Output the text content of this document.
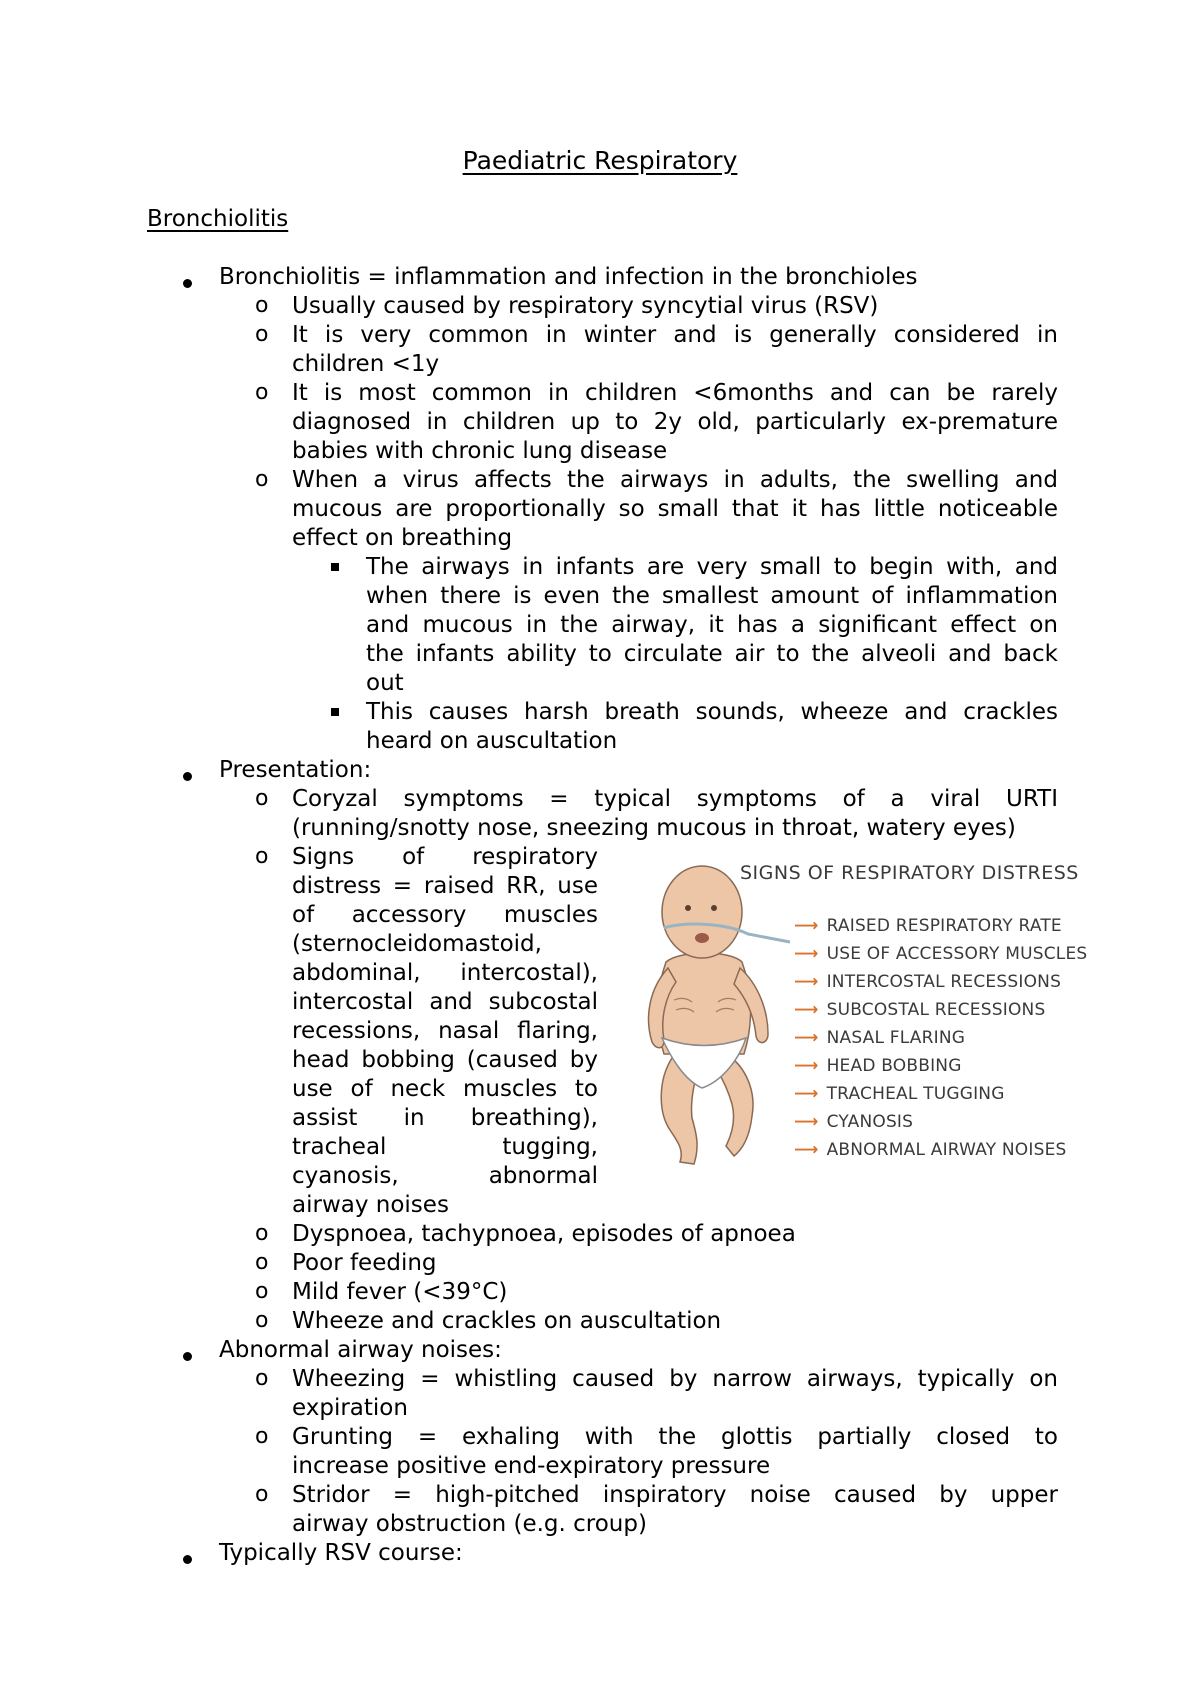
Paediatric Respiratory
Bronchiolitis
Bronchiolitis = inflammation and infection in the bronchioles
o Usually caused by respiratory syncytial virus (RSV)
o It is very common in winter and is generally considered in
children <1y
o It is most common in children <6months and can be rarely
diagnosed in children up to 2y old, particularly ex-premature
babies with chronic lung disease
o When a virus affects the airways in adults, the swelling and
mucous are proportionally so small that it has little noticeable
effect on breathing
The airways in infants are very small to begin with, and
when there is even the smallest amount of inflammation
and mucous in the airway, it has a significant effect on
the infants ability to circulate air to the alveoli and back
out
This causes harsh breath sounds, wheeze and crackles
heard on auscultation
Presentation:
o Coryzal symptoms = typical symptoms of a viral URTI
(running/snotty nose, sneezing mucous in throat, watery eyes)
o Signs of respiratory
distress = raised RR, use
of accessory muscles
(sternocleidomastoid,
abdominal, intercostal),
intercostal and subcostal
recessions, nasal flaring,
head bobbing (caused by
use of neck muscles to
assist in breathing),
tracheal tugging,
cyanosis, abnormal
airway noises
o Dyspnoea, tachypnoea, episodes of apnoea
o Poor feeding
o Mild fever (<39°C)
o Wheeze and crackles on auscultation
Abnormal airway noises:
o Wheezing = whistling caused by narrow airways, typically on
expiration
o Grunting = exhaling with the glottis partially closed to
increase positive end-expiratory pressure
o Stridor = high-pitched inspiratory noise caused by upper
airway obstruction (e.g. croup)
Typically RSV course:
SIGNS OF RESPIRATORY DISTRESS
⟶ RAISED RESPIRATORY RATE
⟶ USE OF ACCESSORY MUSCLES
⟶ INTERCOSTAL RECESSIONS
⟶ SUBCOSTAL RECESSIONS
⟶ NASAL FLARING
⟶ HEAD BOBBING
⟶ TRACHEAL TUGGING
⟶ CYANOSIS
⟶ ABNORMAL AIRWAY NOISES
